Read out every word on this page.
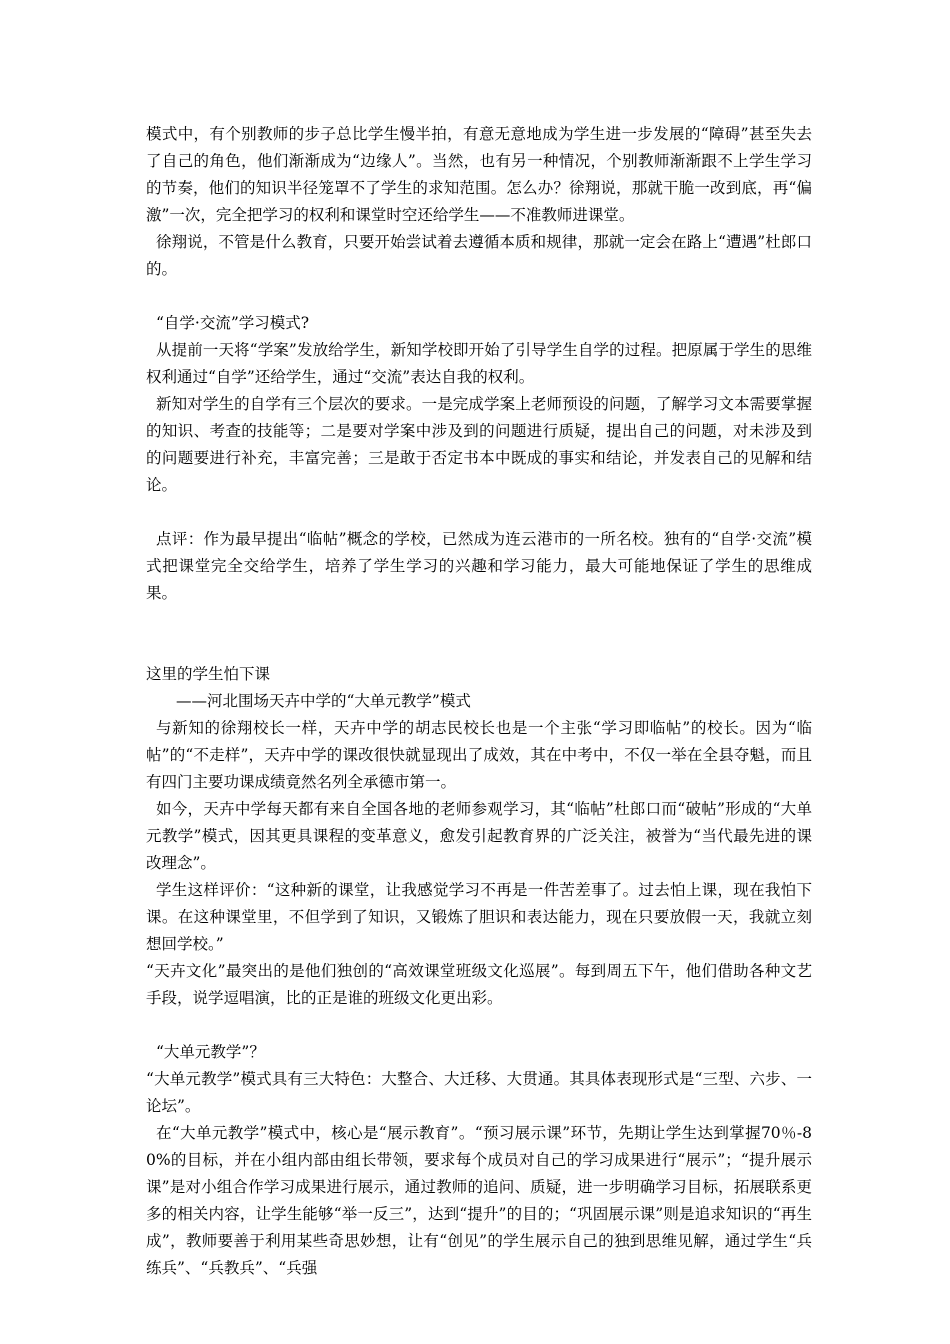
模式中，有个别教师的步子总比学生慢半拍，有意无意地成为学生进一步发展的“障碍”甚至失去了自己的角色，他们渐渐成为“边缘人”。当然，也有另一种情况，个别教师渐渐跟不上学生学习的节奏，他们的知识半径笼罩不了学生的求知范围。怎么办？徐翔说，那就干脆一改到底，再“偏激”一次，完全把学习的权利和课堂时空还给学生——不准教师进课堂。

徐翔说，不管是什么教育，只要开始尝试着去遵循本质和规律，那就一定会在路上“遭遇”杜郎口的。

“自学·交流”学习模式?

从提前一天将“学案”发放给学生，新知学校即开始了引导学生自学的过程。把原属于学生的思维权利通过“自学”还给学生，通过“交流”表达自我的权利。

新知对学生的自学有三个层次的要求。一是完成学案上老师预设的问题，了解学习文本需要掌握的知识、考查的技能等；二是要对学案中涉及到的问题进行质疑，提出自己的问题，对未涉及到的问题要进行补充，丰富完善；三是敢于否定书本中既成的事实和结论，并发表自己的见解和结论。

点评：作为最早提出“临帖”概念的学校，已然成为连云港市的一所名校。独有的“自学·交流”模式把课堂完全交给学生，培养了学生学习的兴趣和学习能力，最大可能地保证了学生的思维成果。

这里的学生怕下课

——河北围场天卉中学的“大单元教学”模式

与新知的徐翔校长一样，天卉中学的胡志民校长也是一个主张“学习即临帖”的校长。因为“临帖”的“不走样”，天卉中学的课改很快就显现出了成效，其在中考中，不仅一举在全县夺魁，而且有四门主要功课成绩竟然名列全承德市第一。

如今，天卉中学每天都有来自全国各地的老师参观学习，其“临帖”杜郎口而“破帖”形成的“大单元教学”模式，因其更具课程的变革意义，愈发引起教育界的广泛关注，被誉为“当代最先进的课改理念”。

学生这样评价：“这种新的课堂，让我感觉学习不再是一件苦差事了。过去怕上课，现在我怕下课。在这种课堂里，不但学到了知识，又锻炼了胆识和表达能力，现在只要放假一天，我就立刻想回学校。”

“天卉文化”最突出的是他们独创的“高效课堂班级文化巡展”。每到周五下午，他们借助各种文艺手段，说学逗唱演，比的正是谁的班级文化更出彩。

“大单元教学”？

“大单元教学”模式具有三大特色：大整合、大迁移、大贯通。其具体表现形式是“三型、六步、一论坛”。

在“大单元教学”模式中，核心是“展示教育”。“预习展示课”环节，先期让学生达到掌握70％-80%的目标，并在小组内部由组长带领，要求每个成员对自己的学习成果进行“展示”；“提升展示课”是对小组合作学习成果进行展示，通过教师的追问、质疑，进一步明确学习目标，拓展联系更多的相关内容，让学生能够“举一反三”，达到“提升”的目的；“巩固展示课”则是追求知识的“再生成”，教师要善于利用某些奇思妙想，让有“创见”的学生展示自己的独到思维见解，通过学生“兵练兵”、“兵教兵”、“兵强
